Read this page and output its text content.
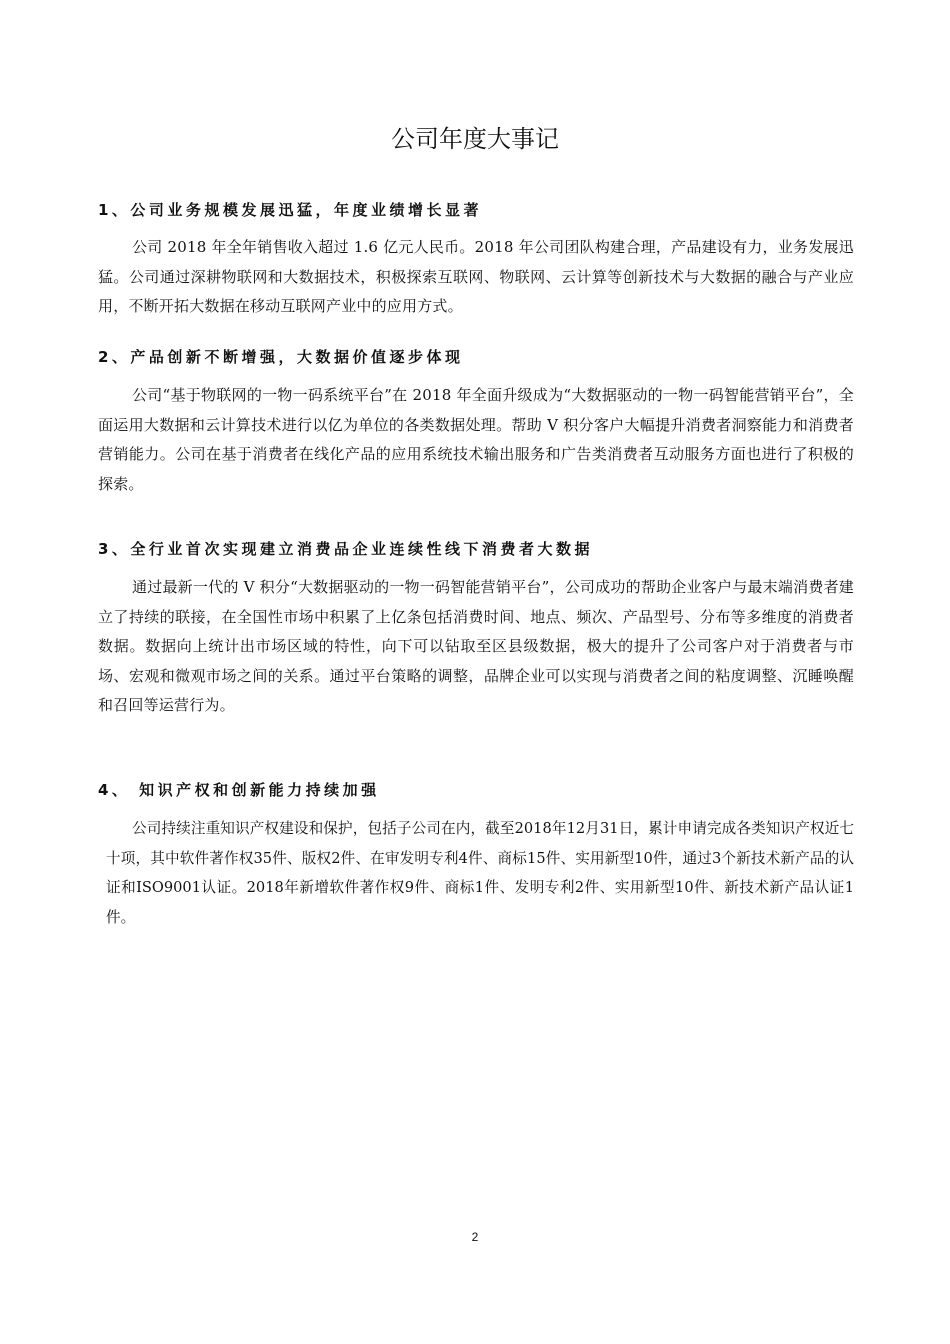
公司年度大事记
1、公司业务规模发展迅猛，年度业绩增长显著

公司 2018 年全年销售收入超过 1.6 亿元人民币。2018 年公司团队构建合理，产品建设有力，业务发展迅猛。公司通过深耕物联网和大数据技术，积极探索互联网、物联网、云计算等创新技术与大数据的融合与产业应用，不断开拓大数据在移动互联网产业中的应用方式。

2、产品创新不断增强，大数据价值逐步体现

公司“基于物联网的一物一码系统平台”在 2018 年全面升级成为“大数据驱动的一物一码智能营销平台”，全面运用大数据和云计算技术进行以亿为单位的各类数据处理。帮助 V 积分客户大幅提升消费者洞察能力和消费者营销能力。公司在基于消费者在线化产品的应用系统技术输出服务和广告类消费者互动服务方面也进行了积极的探索。

3、全行业首次实现建立消费品企业连续性线下消费者大数据

通过最新一代的 V 积分“大数据驱动的一物一码智能营销平台”，公司成功的帮助企业客户与最末端消费者建立了持续的联接，在全国性市场中积累了上亿条包括消费时间、地点、频次、产品型号、分布等多维度的消费者数据。数据向上统计出市场区域的特性，向下可以钻取至区县级数据，极大的提升了公司客户对于消费者与市场、宏观和微观市场之间的关系。通过平台策略的调整，品牌企业可以实现与消费者之间的粘度调整、沉睡唤醒和召回等运营行为。

4、 知识产权和创新能力持续加强

公司持续注重知识产权建设和保护，包括子公司在内，截至2018年12月31日，累计申请完成各类知识产权近七十项，其中软件著作权35件、版权2件、在审发明专利4件、商标15件、实用新型10件，通过3个新技术新产品的认证和ISO9001认证。2018年新增软件著作权9件、商标1件、发明专利2件、实用新型10件、新技术新产品认证1件。

2
